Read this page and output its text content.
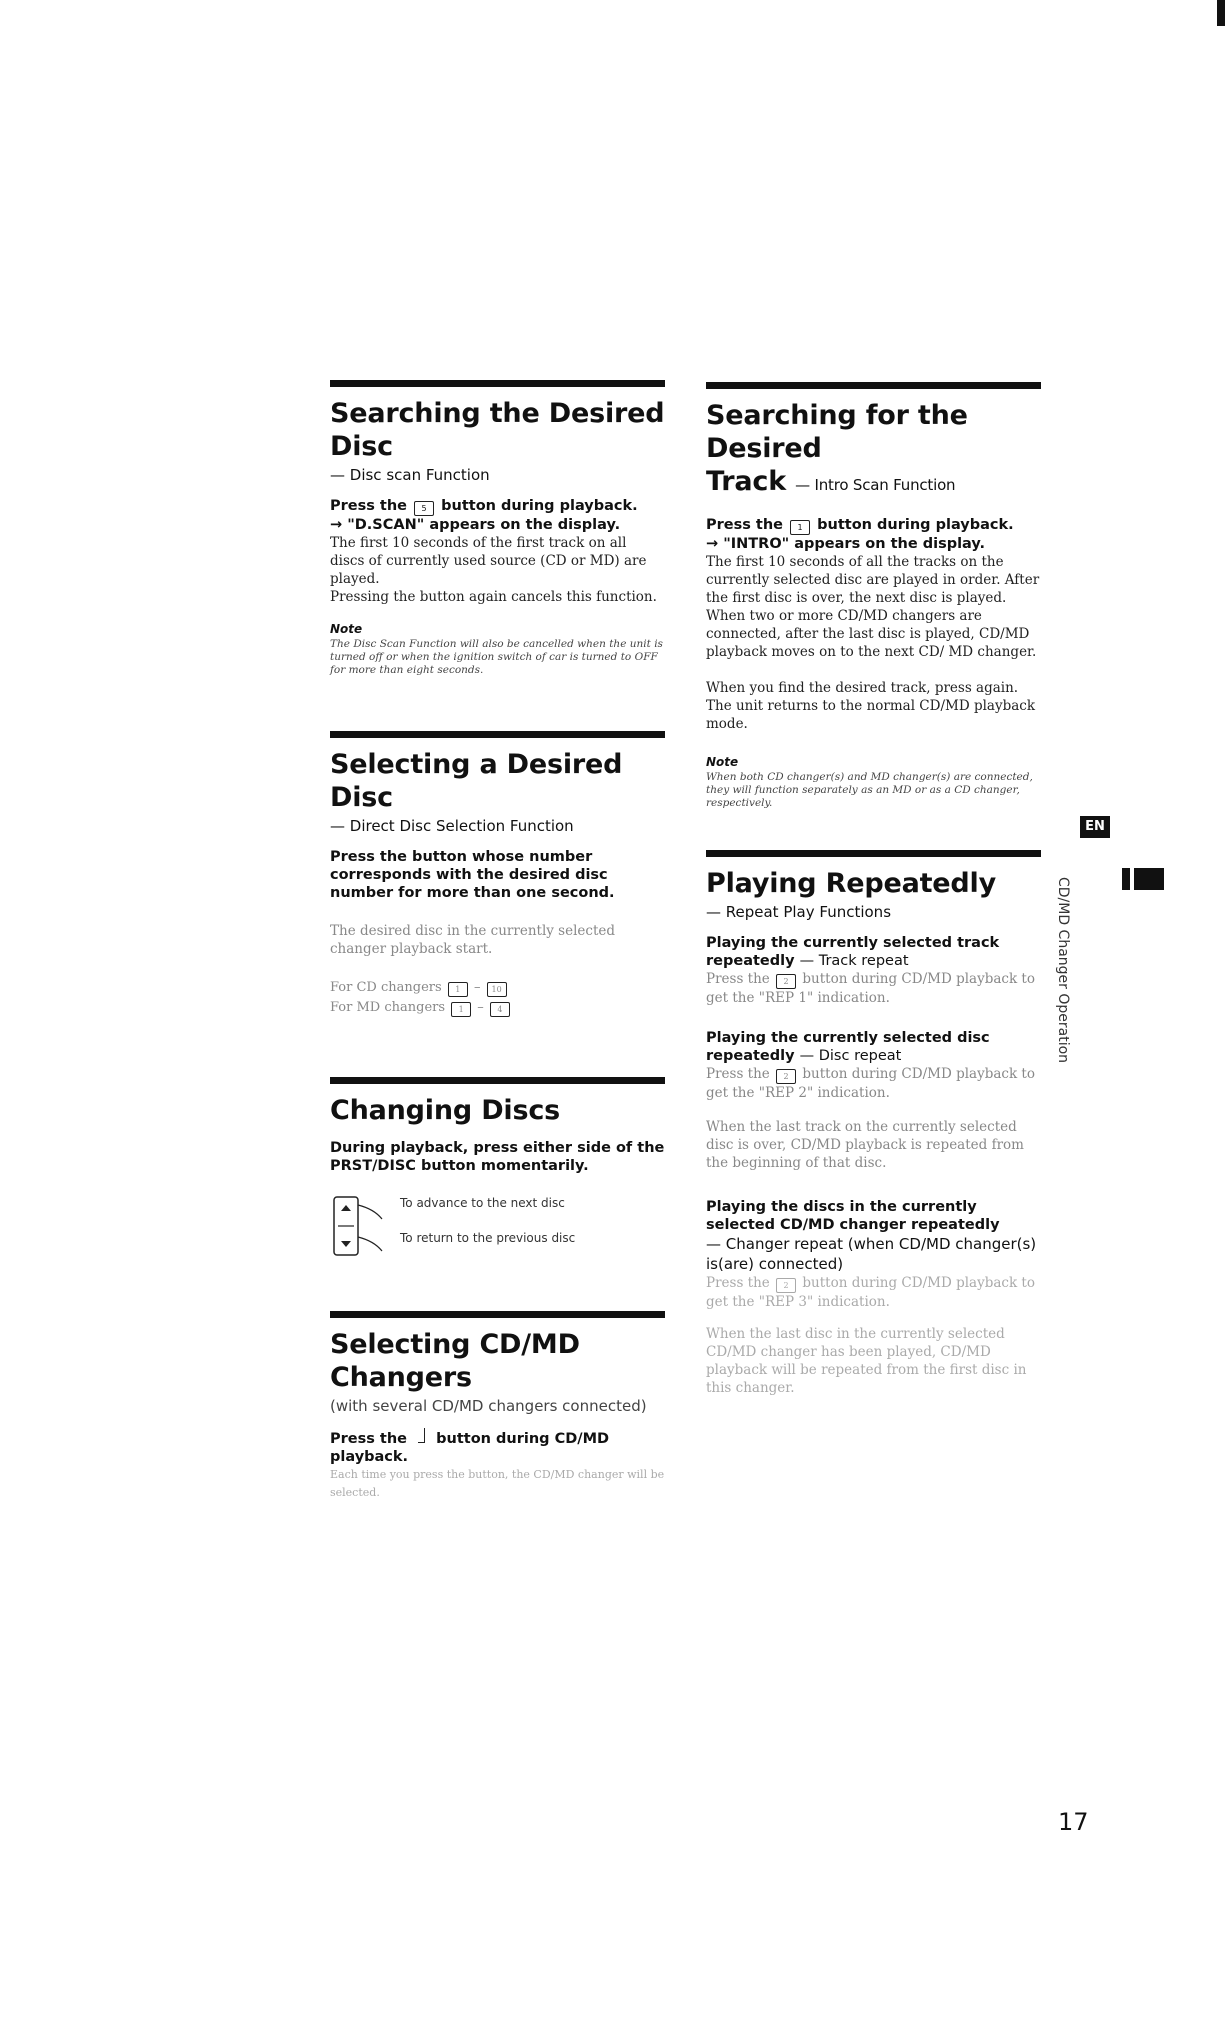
Searching the Desired Disc
— Disc scan Function

Press the 5 button during playback.

→ "D.SCAN" appears on the display.

The first 10 seconds of the first track on all discs of currently used source (CD or MD) are played.

Pressing the button again cancels this function.

Note

The Disc Scan Function will also be cancelled when the unit is turned off or when the ignition switch of car is turned to OFF for more than eight seconds.

Selecting a Desired Disc
— Direct Disc Selection Function

Press the button whose number corresponds with the desired disc number for more than one second.

The desired disc in the currently selected changer playback start.

For CD changers 1 – 10
For MD changers 1 – 4
Changing Discs

During playback, press either side of the PRST/DISC button momentarily.

To advance to the next disc
To return to the previous disc
Selecting CD/MD Changers
(with several CD/MD changers connected)

Press the button during CD/MD playback.

Each time you press the button, the CD/MD changer will be selected.

Searching for the Desired
Track — Intro Scan Function

Press the 1 button during playback.

→ "INTRO" appears on the display.

The first 10 seconds of all the tracks on the currently selected disc are played in order. After the first disc is over, the next disc is played. When two or more CD/MD changers are connected, after the last disc is played, CD/MD playback moves on to the next CD/ MD changer.

When you find the desired track, press again. The unit returns to the normal CD/MD playback mode.

Note

When both CD changer(s) and MD changer(s) are connected, they will function separately as an MD or as a CD changer, respectively.

Playing Repeatedly
— Repeat Play Functions

Playing the currently selected track repeatedly — Track repeat

Press the 2 button during CD/MD playback to get the "REP 1" indication.

Playing the currently selected disc repeatedly — Disc repeat

Press the 2 button during CD/MD playback to get the "REP 2" indication.

When the last track on the currently selected disc is over, CD/MD playback is repeated from the beginning of that disc.

Playing the discs in the currently selected CD/MD changer repeatedly

— Changer repeat (when CD/MD changer(s) is(are) connected)

Press the 2 button during CD/MD playback to get the "REP 3" indication.

When the last disc in the currently selected CD/MD changer has been played, CD/MD playback will be repeated from the first disc in this changer.

EN
CD/MD Changer Operation
17
